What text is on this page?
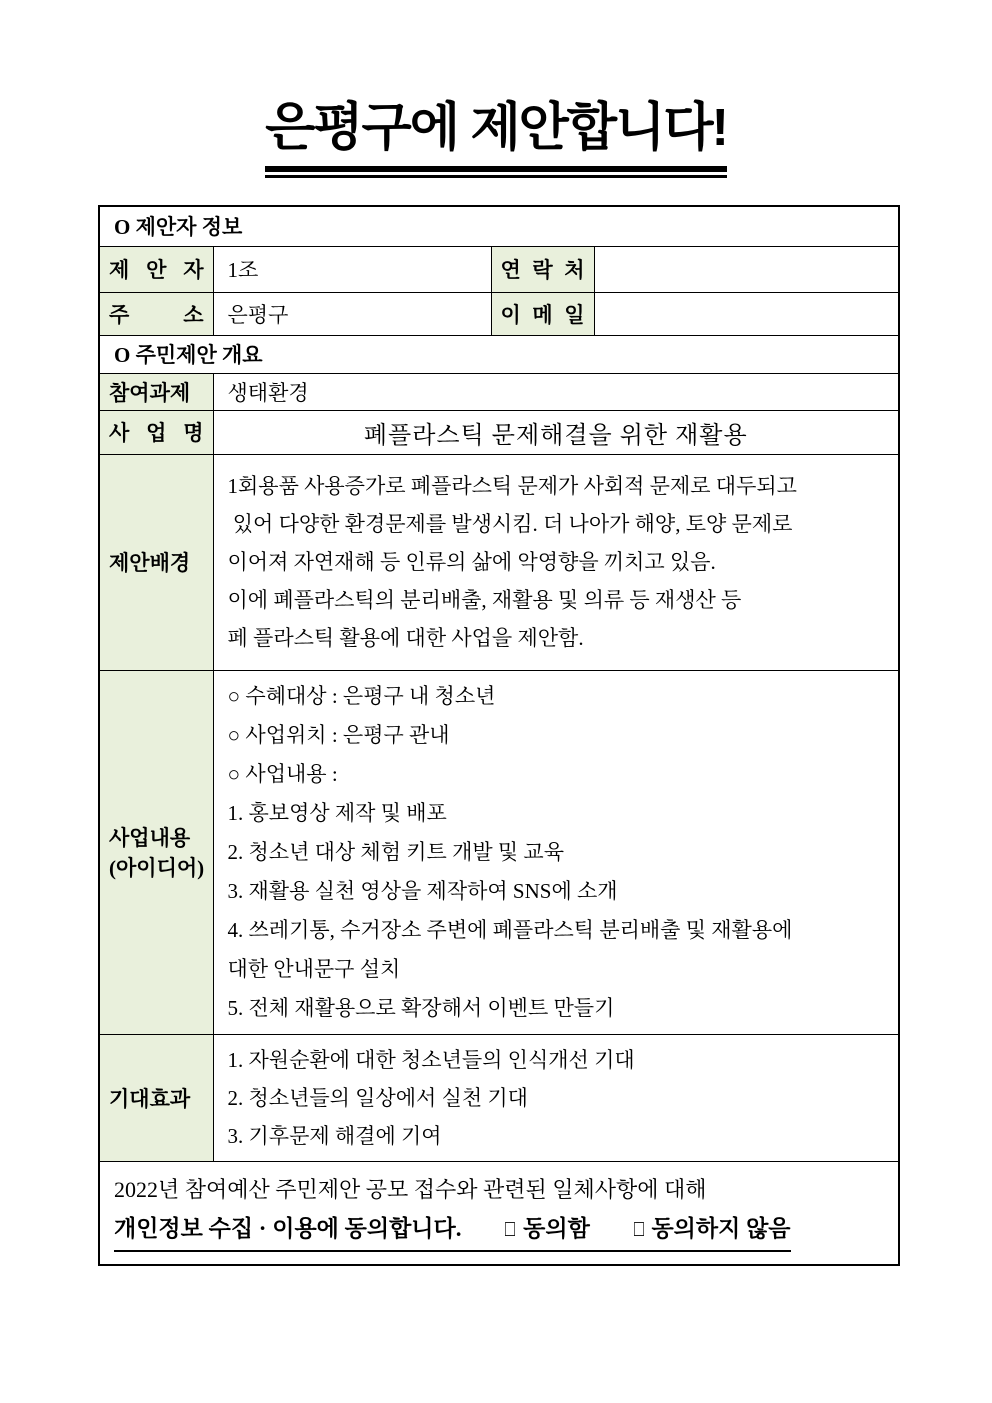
은평구에 제안합니다!
O 제안자 정보			
제 안 자	1조	연 락 처	
주 소	은평구	이 메 일	
O 주민제안 개요			
참여과제	생태환경		
사 업 명	폐플라스틱 문제해결을 위한 재활용		
제안배경	1회용품 사용증가로 폐플라스틱 문제가 사회적 문제로 대두되고
있어 다양한 환경문제를 발생시킴. 더 나아가 해양, 토양 문제로
이어져 자연재해 등 인류의 삶에 악영향을 끼치고 있음.
이에 폐플라스틱의 분리배출, 재활용 및 의류 등 재생산 등
페 플라스틱 활용에 대한 사업을 제안함.		

사업내용
(아이디어)

○ 수혜대상 : 은평구 내 청소년
○ 사업위치 : 은평구 관내
○ 사업내용 :
1. 홍보영상 제작 및 배포
2. 청소년 대상 체험 키트 개발 및 교육
3. 재활용 실천 영상을 제작하여 SNS에 소개
4. 쓰레기통, 수거장소 주변에 폐플라스틱 분리배출 및 재활용에
대한 안내문구 설치
5. 전체 재활용으로 확장해서 이벤트 만들기

기대효과	1. 자원순환에 대한 청소년들의 인식개선 기대
2. 청소년들의 일상에서 실천 기대
3. 기후문제 해결에 기여		

2022년 참여예산 주민제안 공모 접수와 관련된 일체사항에 대해
개인정보 수집 · 이용에 동의합니다. □ 동의함 □ 동의하지 않음			
